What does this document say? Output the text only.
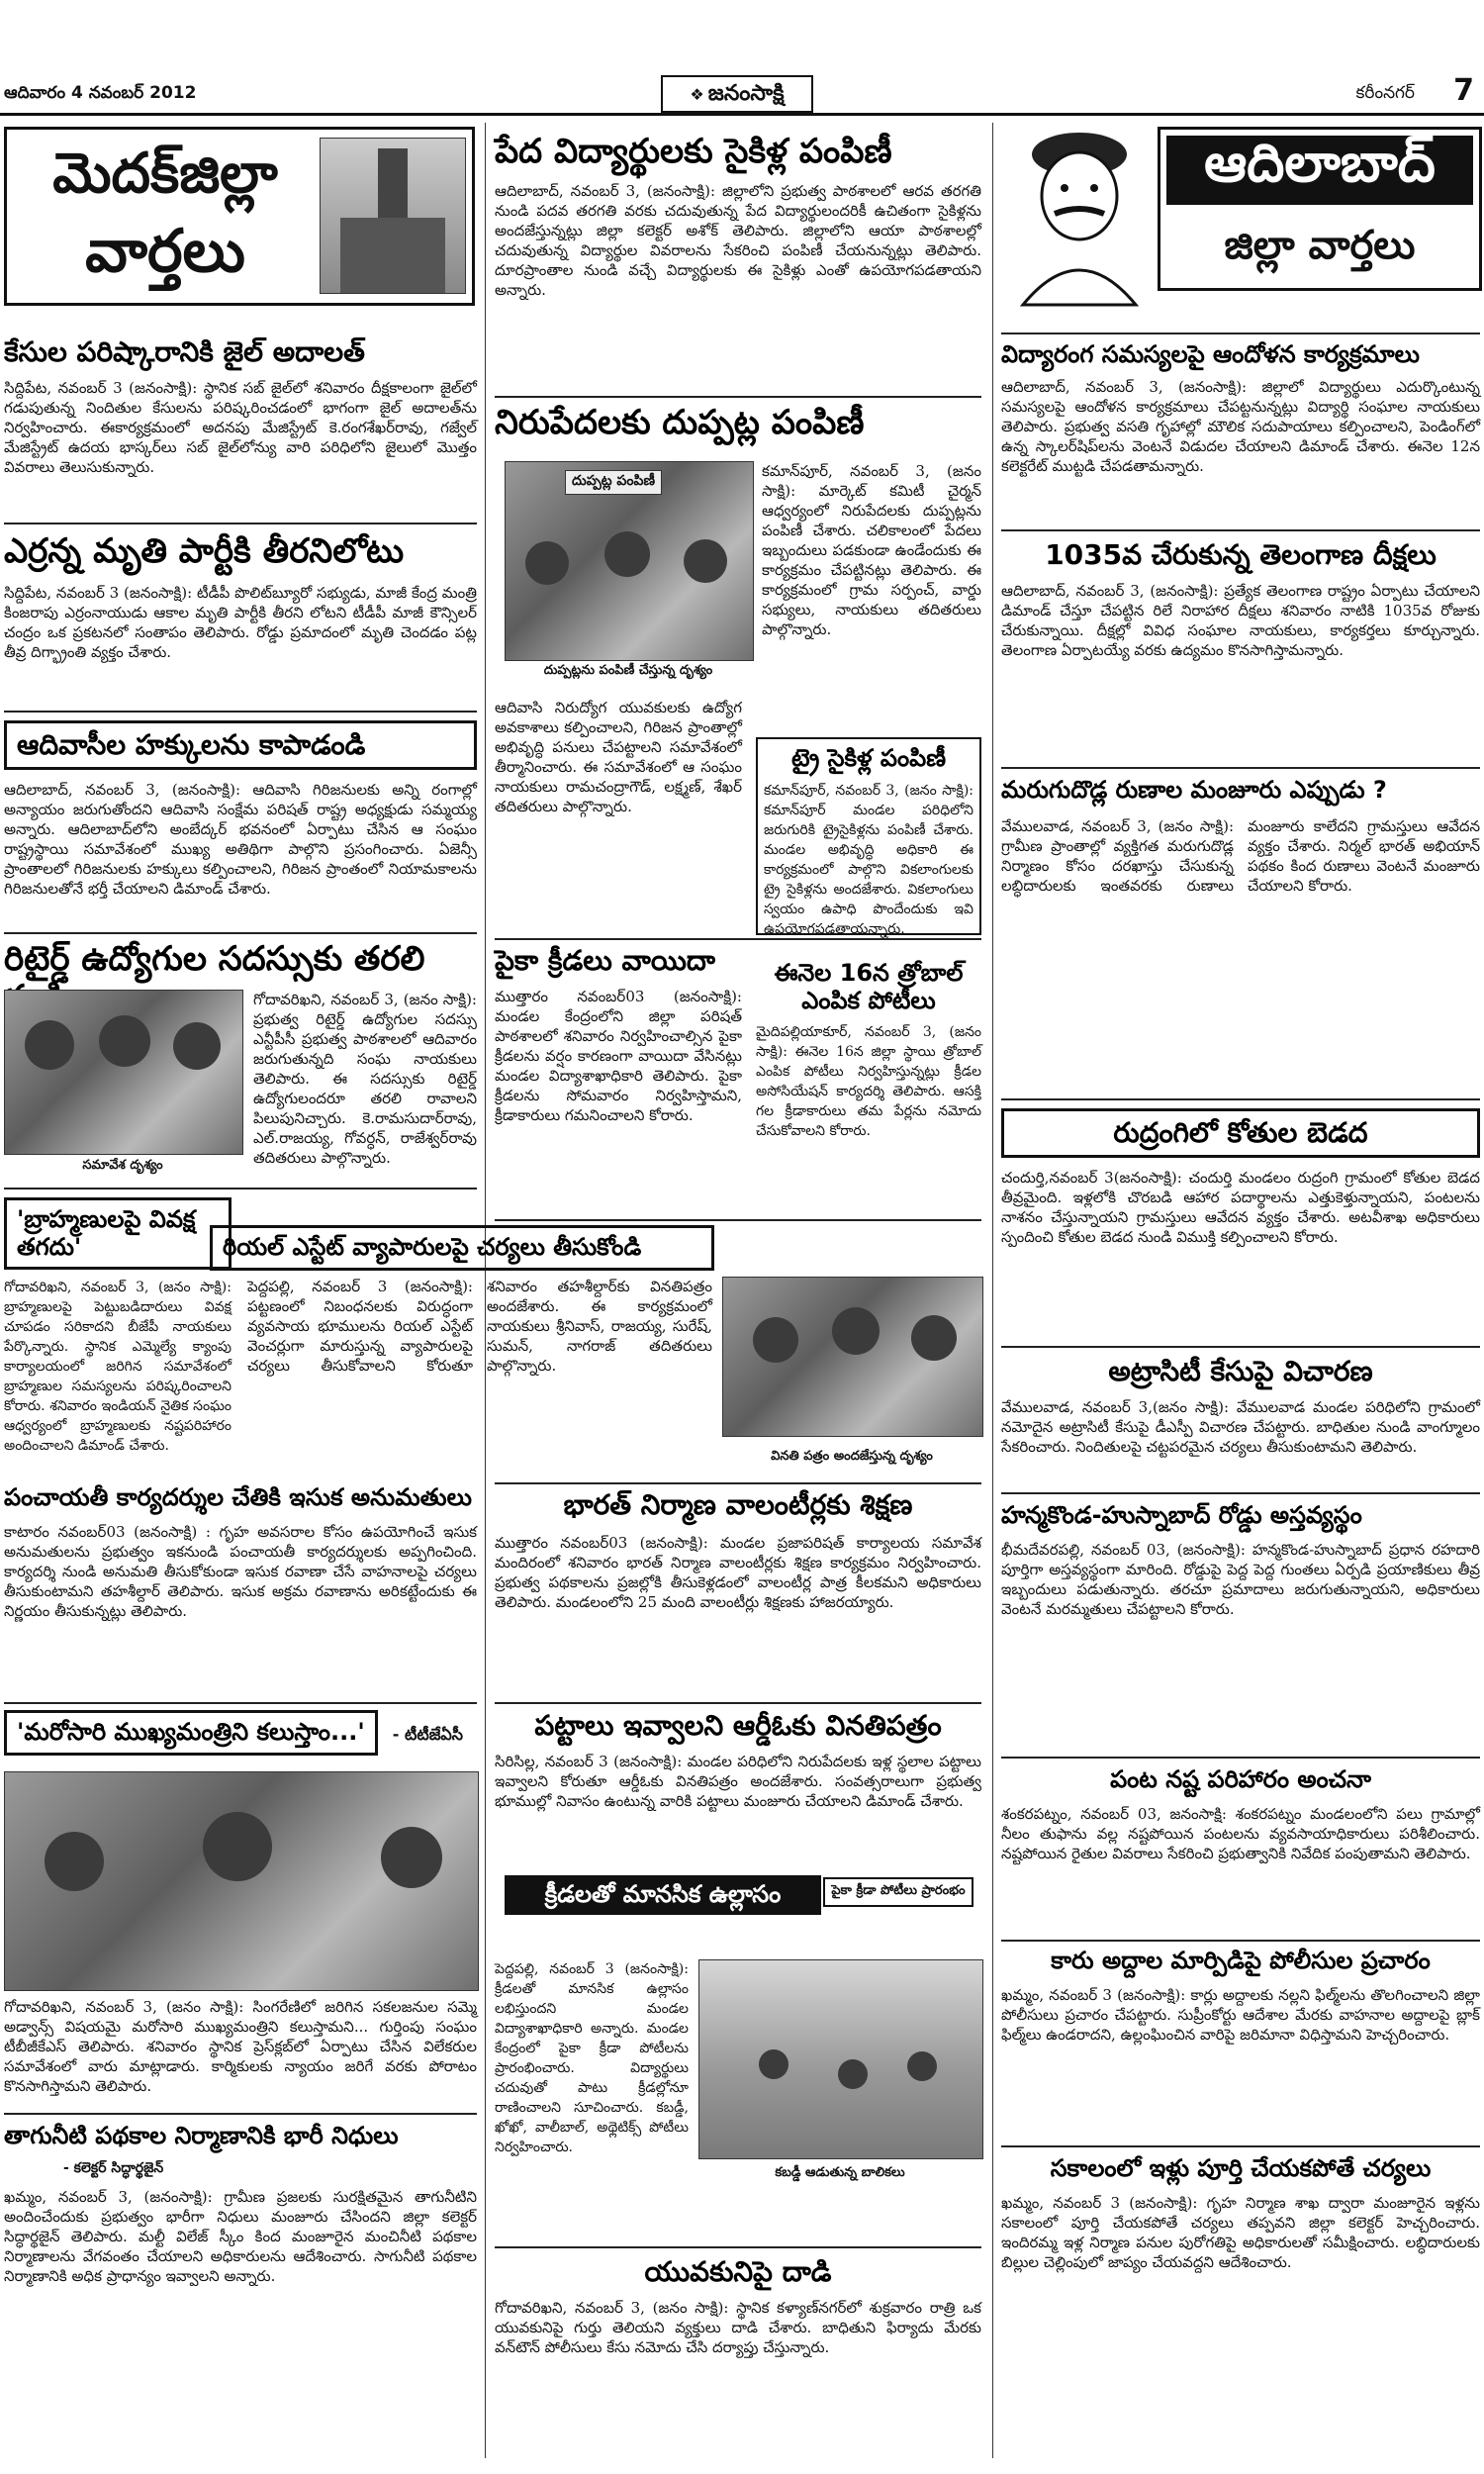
ఆదివారం 4 నవంబర్ 2012	❖ జనంసాక్షి	కరీంనగర్ 7
మెదక్‌జిల్లా
వార్తలు
కేసుల పరిష్కారానికి జైల్ అదాలత్
సిద్దిపేట, నవంబర్ 3 (జనంసాక్షి): స్థానిక సబ్ జైల్‌లో శనివారం దీక్షకాలంగా జైల్‌లో గడుపుతున్న నిందితుల కేసులను పరిష్కరించడంలో భాగంగా జైల్ అదాలత్‌ను నిర్వహించారు. ఈకార్యక్రమంలో అదనపు మేజిస్ట్రేట్ కె.రంగశేఖర్‌రావు, గజ్వేల్ మేజిస్ట్రేట్ ఉదయ భాస్కర్‌లు సబ్ జైల్‌లోన్యు వారి పరిధిలోని జైలులో మొత్తం వివరాలు తెలుసుకున్నారు.
ఎర్రన్న మృతి పార్టీకి తీరనిలోటు
సిద్దిపేట, నవంబర్ 3 (జనంసాక్షి): టీడీపీ పొలిట్‌బ్యూరో సభ్యుడు, మాజీ కేంద్ర మంత్రి కింజరాపు ఎర్రంనాయుడు ఆకాల మృతి పార్టీకి తీరని లోటని టీడీపీ మాజీ కౌన్సిలర్ చంద్రం ఒక ప్రకటనలో సంతాపం తెలిపారు. రోడ్డు ప్రమాదంలో మృతి చెందడం పట్ల తీవ్ర దిగ్భ్రాంతి వ్యక్తం చేశారు.
ఆదివాసీల హక్కులను కాపాడండి
ఆదిలాబాద్, నవంబర్ 3, (జనంసాక్షి): ఆదివాసి గిరిజనులకు అన్ని రంగాల్లో అన్యాయం జరుగుతోందని ఆదివాసి సంక్షేమ పరిషత్ రాష్ట్ర అధ్యక్షుడు సమ్మయ్య అన్నారు. ఆదిలాబాద్‌లోని అంబేద్కర్ భవనంలో ఏర్పాటు చేసిన ఆ సంఘం రాష్ట్రస్థాయి సమావేశంలో ముఖ్య అతిథిగా పాల్గొని ప్రసంగించారు. ఏజెన్సీ ప్రాంతాలలో గిరిజనులకు హక్కులు కల్పించాలని, గిరిజన ప్రాంతంలో నియామకాలను గిరిజనులతోనే భర్తీ చేయాలని డిమాండ్ చేశారు.
రిటైర్డ్ ఉద్యోగుల సదస్సుకు తరలి
సమావేశ దృశ్యం
గోదావరిఖని, నవంబర్ 3, (జనం సాక్షి): ప్రభుత్వ రిటైర్డ్ ఉద్యోగుల సదస్సు ఎన్టీపీసీ ప్రభుత్వ పాఠశాలలో ఆదివారం జరుగుతున్నది సంఘ నాయకులు తెలిపారు. ఈ సదస్సుకు రిటైర్డ్ ఉద్యోగులందరూ తరలి రావాలని పిలుపునిచ్చారు. కె.రామసుదార్‌రావు, ఎల్.రాజయ్య, గోవర్ధన్, రాజేశ్వర్‌రావు తదితరులు పాల్గొన్నారు.
'బ్రాహ్మణులపై వివక్ష తగదు'
గోదావరిఖని, నవంబర్ 3, (జనం సాక్షి): బ్రాహ్మణులపై పెట్టుబడిదారులు వివక్ష చూపడం సరికాదని బీజేపీ నాయకులు పేర్కొన్నారు. స్థానిక ఎమ్మెల్యే క్యాంపు కార్యాలయంలో జరిగిన సమావేశంలో బ్రాహ్మణుల సమస్యలను పరిష్కరించాలని కోరారు. శనివారం ఇండియన్ నైతిక సంఘం ఆధ్వర్యంలో బ్రాహ్మణులకు నష్టపరిహారం అందించాలని డిమాండ్ చేశారు.
పంచాయతీ కార్యదర్శుల చేతికి ఇసుక అనుమతులు
కాటారం నవంబర్03 (జనంసాక్షి) : గృహ అవసరాల కోసం ఉపయోగించే ఇసుక అనుమతులను ప్రభుత్వం ఇకనుండి పంచాయతీ కార్యదర్శులకు అప్పగించింది. కార్యదర్శి నుండి అనుమతి తీసుకోకుండా ఇసుక రవాణా చేసే వాహనాలపై చర్యలు తీసుకుంటామని తహశీల్దార్ తెలిపారు. ఇసుక అక్రమ రవాణాను అరికట్టేందుకు ఈ నిర్ణయం తీసుకున్నట్లు తెలిపారు.
'మరోసారి ముఖ్యమంత్రిని కలుస్తాం...' - టీటీజేఏసీ
గోదావరిఖని, నవంబర్ 3, (జనం సాక్షి): సింగరేణిలో జరిగిన సకలజనుల సమ్మె అడ్వాన్స్ విషయమై మరోసారి ముఖ్యమంత్రిని కలుస్తామని... గుర్తింపు సంఘం టీబీజీకేఎస్ తెలిపారు. శనివారం స్థానిక ప్రెస్‌క్లబ్‌లో ఏర్పాటు చేసిన విలేకరుల సమావేశంలో వారు మాట్లాడారు. కార్మికులకు న్యాయం జరిగే వరకు పోరాటం కొనసాగిస్తామని తెలిపారు.
తాగునీటి పథకాల నిర్మాణానికి భారీ నిధులు
- కలెక్టర్ సిద్ధార్థజైన్
ఖమ్మం, నవంబర్ 3, (జనంసాక్షి): గ్రామీణ ప్రజలకు సురక్షితమైన తాగునీటిని అందించేందుకు ప్రభుత్వం భారీగా నిధులు మంజూరు చేసిందని జిల్లా కలెక్టర్ సిద్ధార్థజైన్ తెలిపారు. మల్టీ విలేజ్ స్కీం కింద మంజూరైన మంచినీటి పథకాల నిర్మాణాలను వేగవంతం చేయాలని అధికారులను ఆదేశించారు. సాగునీటి పథకాల నిర్మాణానికి అధిక ప్రాధాన్యం ఇవ్వాలని అన్నారు.
పేద విద్యార్థులకు సైకిళ్ల పంపిణీ
ఆదిలాబాద్, నవంబర్ 3, (జనంసాక్షి): జిల్లాలోని ప్రభుత్వ పాఠశాలలో ఆరవ తరగతి నుండి పదవ తరగతి వరకు చదువుతున్న పేద విద్యార్థులందరికీ ఉచితంగా సైకిళ్లను అందజేస్తున్నట్లు జిల్లా కలెక్టర్ అశోక్ తెలిపారు. జిల్లాలోని ఆయా పాఠశాలల్లో చదువుతున్న విద్యార్థుల వివరాలను సేకరించి పంపిణీ చేయనున్నట్లు తెలిపారు. దూరప్రాంతాల నుండి వచ్చే విద్యార్థులకు ఈ సైకిళ్లు ఎంతో ఉపయోగపడతాయని అన్నారు.
నిరుపేదలకు దుప్పట్ల పంపిణీ
దుప్పట్ల పంపిణీ
దుప్పట్లను పంపిణీ చేస్తున్న దృశ్యం
కమాన్‌పూర్, నవంబర్ 3, (జనం సాక్షి): మార్కెట్ కమిటీ చైర్మన్ ఆధ్వర్యంలో నిరుపేదలకు దుప్పట్లను పంపిణీ చేశారు. చలికాలంలో పేదలు ఇబ్బందులు పడకుండా ఉండేందుకు ఈ కార్యక్రమం చేపట్టినట్లు తెలిపారు. ఈ కార్యక్రమంలో గ్రామ సర్పంచ్, వార్డు సభ్యులు, నాయకులు తదితరులు పాల్గొన్నారు.
ఆదివాసి నిరుద్యోగ యువకులకు ఉద్యోగ అవకాశాలు కల్పించాలని, గిరిజన ప్రాంతాల్లో అభివృద్ధి పనులు చేపట్టాలని సమావేశంలో తీర్మానించారు. ఈ సమావేశంలో ఆ సంఘం నాయకులు రామచంద్రాగౌడ్, లక్ష్మణ్, శేఖర్ తదితరులు పాల్గొన్నారు.
ట్రై సైకిళ్ల పంపిణీ
కమాన్‌పూర్, నవంబర్ 3, (జనం సాక్షి): కమాన్‌పూర్ మండల పరిధిలోని జరుగురికి ట్రైసైకిళ్లను పంపిణీ చేశారు. మండల అభివృద్ధి అధికారి ఈ కార్యక్రమంలో పాల్గొని వికలాంగులకు ట్రై సైకిళ్లను అందజేశారు. వికలాంగులు స్వయం ఉపాధి పొందేందుకు ఇవి ఉపయోగపడతాయన్నారు.
పైకా క్రీడలు వాయిదా
ముత్తారం నవంబర్03 (జనంసాక్షి): మండల కేంద్రంలోని జిల్లా పరిషత్ పాఠశాలలో శనివారం నిర్వహించాల్సిన పైకా క్రీడలను వర్షం కారణంగా వాయిదా వేసినట్లు మండల విద్యాశాఖాధికారి తెలిపారు. పైకా క్రీడలను సోమవారం నిర్వహిస్తామని, క్రీడాకారులు గమనించాలని కోరారు.
ఈనెల 16న త్రోబాల్ ఎంపిక పోటీలు
మైదిపల్లియాకూర్, నవంబర్ 3, (జనం సాక్షి): ఈనెల 16న జిల్లా స్థాయి త్రోబాల్ ఎంపిక పోటీలు నిర్వహిస్తున్నట్లు క్రీడల అసోసియేషన్ కార్యదర్శి తెలిపారు. ఆసక్తి గల క్రీడాకారులు తమ పేర్లను నమోదు చేసుకోవాలని కోరారు.
రియల్ ఎస్టేట్ వ్యాపారులపై చర్యలు తీసుకోండి
పెద్దపల్లి, నవంబర్ 3 (జనంసాక్షి): పట్టణంలో నిబంధనలకు విరుద్ధంగా వ్యవసాయ భూములను రియల్ ఎస్టేట్ వెంచర్లుగా మారుస్తున్న వ్యాపారులపై చర్యలు తీసుకోవాలని కోరుతూ శనివారం తహశీల్దార్‌కు వినతిపత్రం అందజేశారు. ఈ కార్యక్రమంలో నాయకులు శ్రీనివాస్, రాజయ్య, సురేష్, సుమన్, నాగరాజ్ తదితరులు పాల్గొన్నారు.
వినతి పత్రం అందజేస్తున్న దృశ్యం
భారత్ నిర్మాణ వాలంటీర్లకు శిక్షణ
ముత్తారం నవంబర్03 (జనంసాక్షి): మండల ప్రజాపరిషత్ కార్యాలయ సమావేశ మందిరంలో శనివారం భారత్ నిర్మాణ వాలంటీర్లకు శిక్షణ కార్యక్రమం నిర్వహించారు. ప్రభుత్వ పథకాలను ప్రజల్లోకి తీసుకెళ్లడంలో వాలంటీర్ల పాత్ర కీలకమని అధికారులు తెలిపారు. మండలంలోని 25 మంది వాలంటీర్లు శిక్షణకు హాజరయ్యారు.
పట్టాలు ఇవ్వాలని ఆర్డీఓకు వినతిపత్రం
సిరిసిల్ల, నవంబర్ 3 (జనంసాక్షి): మండల పరిధిలోని నిరుపేదలకు ఇళ్ల స్థలాల పట్టాలు ఇవ్వాలని కోరుతూ ఆర్డీఓకు వినతిపత్రం అందజేశారు. సంవత్సరాలుగా ప్రభుత్వ భూముల్లో నివాసం ఉంటున్న వారికి పట్టాలు మంజూరు చేయాలని డిమాండ్ చేశారు.
క్రీడలతో మానసిక ఉల్లాసం	పైకా క్రీడా పోటీలు ప్రారంభం
పెద్దపల్లి, నవంబర్ 3 (జనంసాక్షి): క్రీడలతో మానసిక ఉల్లాసం లభిస్తుందని మండల విద్యాశాఖాధికారి అన్నారు. మండల కేంద్రంలో పైకా క్రీడా పోటీలను ప్రారంభించారు. విద్యార్థులు చదువుతో పాటు క్రీడల్లోనూ రాణించాలని సూచించారు. కబడ్డీ, ఖోఖో, వాలీబాల్, అథ్లెటిక్స్ పోటీలు నిర్వహించారు.
కబడ్డీ ఆడుతున్న బాలికలు
యువకునిపై దాడి
గోదావరిఖని, నవంబర్ 3, (జనం సాక్షి): స్థానిక కళ్యాణ్‌నగర్‌లో శుక్రవారం రాత్రి ఒక యువకునిపై గుర్తు తెలియని వ్యక్తులు దాడి చేశారు. బాధితుని ఫిర్యాదు మేరకు వన్‌టౌన్ పోలీసులు కేసు నమోదు చేసి దర్యాప్తు చేస్తున్నారు.
ఆదిలాబాద్
జిల్లా వార్తలు
విద్యారంగ సమస్యలపై ఆందోళన కార్యక్రమాలు
ఆదిలాబాద్, నవంబర్ 3, (జనంసాక్షి): జిల్లాలో విద్యార్థులు ఎదుర్కొంటున్న సమస్యలపై ఆందోళన కార్యక్రమాలు చేపట్టనున్నట్లు విద్యార్థి సంఘాల నాయకులు తెలిపారు. ప్రభుత్వ వసతి గృహాల్లో మౌలిక సదుపాయాలు కల్పించాలని, పెండింగ్‌లో ఉన్న స్కాలర్‌షిప్‌లను వెంటనే విడుదల చేయాలని డిమాండ్ చేశారు. ఈనెల 12న కలెక్టరేట్ ముట్టడి చేపడతామన్నారు.
1035వ చేరుకున్న తెలంగాణ దీక్షలు
ఆదిలాబాద్, నవంబర్ 3, (జనంసాక్షి): ప్రత్యేక తెలంగాణ రాష్ట్రం ఏర్పాటు చేయాలని డిమాండ్ చేస్తూ చేపట్టిన రిలే నిరాహార దీక్షలు శనివారం నాటికి 1035వ రోజుకు చేరుకున్నాయి. దీక్షల్లో వివిధ సంఘాల నాయకులు, కార్యకర్తలు కూర్చున్నారు. తెలంగాణ ఏర్పాటయ్యే వరకు ఉద్యమం కొనసాగిస్తామన్నారు.
మరుగుదొడ్ల రుణాల మంజూరు ఎప్పుడు ?
వేములవాడ, నవంబర్ 3, (జనం సాక్షి): గ్రామీణ ప్రాంతాల్లో వ్యక్తిగత మరుగుదొడ్ల నిర్మాణం కోసం దరఖాస్తు చేసుకున్న లబ్ధిదారులకు ఇంతవరకు రుణాలు మంజూరు కాలేదని గ్రామస్తులు ఆవేదన వ్యక్తం చేశారు. నిర్మల్ భారత్ అభియాన్ పథకం కింద రుణాలు వెంటనే మంజూరు చేయాలని కోరారు.
రుద్రంగిలో కోతుల బెడద
చందుర్తి,నవంబర్ 3(జనంసాక్షి): చందుర్తి మండలం రుద్రంగి గ్రామంలో కోతుల బెడద తీవ్రమైంది. ఇళ్లలోకి చొరబడి ఆహార పదార్థాలను ఎత్తుకెళ్తున్నాయని, పంటలను నాశనం చేస్తున్నాయని గ్రామస్తులు ఆవేదన వ్యక్తం చేశారు. అటవీశాఖ అధికారులు స్పందించి కోతుల బెడద నుండి విముక్తి కల్పించాలని కోరారు.
అట్రాసిటీ కేసుపై విచారణ
వేములవాడ, నవంబర్ 3,(జనం సాక్షి): వేములవాడ మండల పరిధిలోని గ్రామంలో నమోదైన అట్రాసిటీ కేసుపై డీఎస్పీ విచారణ చేపట్టారు. బాధితుల నుండి వాంగ్మూలం సేకరించారు. నిందితులపై చట్టపరమైన చర్యలు తీసుకుంటామని తెలిపారు.
హన్మకొండ-హుస్నాబాద్ రోడ్డు అస్తవ్యస్థం
భీమదేవరపల్లి, నవంబర్ 03, (జనంసాక్షి): హన్మకొండ-హుస్నాబాద్ ప్రధాన రహదారి పూర్తిగా అస్తవ్యస్థంగా మారింది. రోడ్డుపై పెద్ద పెద్ద గుంతలు ఏర్పడి ప్రయాణికులు తీవ్ర ఇబ్బందులు పడుతున్నారు. తరచూ ప్రమాదాలు జరుగుతున్నాయని, అధికారులు వెంటనే మరమ్మతులు చేపట్టాలని కోరారు.
పంట నష్ట పరిహారం అంచనా
శంకరపట్నం, నవంబర్ 03, జనంసాక్షి: శంకరపట్నం మండలంలోని పలు గ్రామాల్లో నీలం తుఫాను వల్ల నష్టపోయిన పంటలను వ్యవసాయాధికారులు పరిశీలించారు. నష్టపోయిన రైతుల వివరాలు సేకరించి ప్రభుత్వానికి నివేదిక పంపుతామని తెలిపారు.
కారు అద్దాల మార్పిడిపై పోలీసుల ప్రచారం
ఖమ్మం, నవంబర్ 3 (జనంసాక్షి): కార్లు అద్దాలకు నల్లని ఫిల్మ్‌లను తొలగించాలని జిల్లా పోలీసులు ప్రచారం చేపట్టారు. సుప్రీంకోర్టు ఆదేశాల మేరకు వాహనాల అద్దాలపై బ్లాక్ ఫిల్మ్‌లు ఉండరాదని, ఉల్లంఘించిన వారిపై జరిమానా విధిస్తామని హెచ్చరించారు.
సకాలంలో ఇళ్లు పూర్తి చేయకపోతే చర్యలు
ఖమ్మం, నవంబర్ 3 (జనంసాక్షి): గృహ నిర్మాణ శాఖ ద్వారా మంజూరైన ఇళ్లను సకాలంలో పూర్తి చేయకపోతే చర్యలు తప్పవని జిల్లా కలెక్టర్ హెచ్చరించారు. ఇందిరమ్మ ఇళ్ల నిర్మాణ పనుల పురోగతిపై అధికారులతో సమీక్షించారు. లబ్ధిదారులకు బిల్లుల చెల్లింపులో జాప్యం చేయవద్దని ఆదేశించారు.
